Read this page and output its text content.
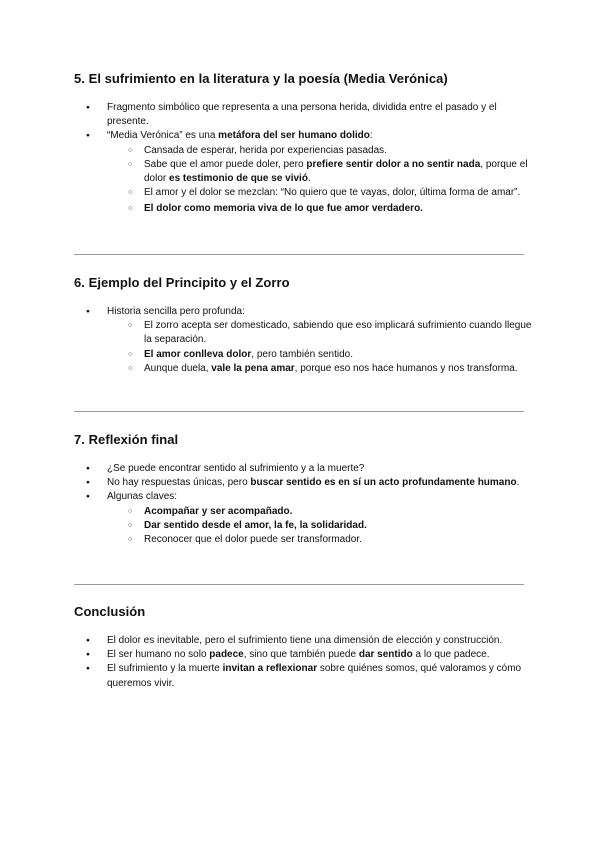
5. El sufrimiento en la literatura y la poesía (Media Verónica)
● Fragmento simbólico que representa a una persona herida, dividida entre el pasado y el presente.
● “Media Verónica” es una metáfora del ser humano dolido:
○ Cansada de esperar, herida por experiencias pasadas.
○ Sabe que el amor puede doler, pero prefiere sentir dolor a no sentir nada, porque el dolor es testimonio de que se vivió.
○ El amor y el dolor se mezclan: “No quiero que te vayas, dolor, última forma de amar”.
○ El dolor como memoria viva de lo que fue amor verdadero.
6. Ejemplo del Principito y el Zorro
● Historia sencilla pero profunda:
○ El zorro acepta ser domesticado, sabiendo que eso implicará sufrimiento cuando llegue la separación.
○ El amor conlleva dolor, pero también sentido.
○ Aunque duela, vale la pena amar, porque eso nos hace humanos y nos transforma.
7. Reflexión final
● ¿Se puede encontrar sentido al sufrimiento y a la muerte?
● No hay respuestas únicas, pero buscar sentido es en sí un acto profundamente humano.
● Algunas claves:
○ Acompañar y ser acompañado.
○ Dar sentido desde el amor, la fe, la solidaridad.
○ Reconocer que el dolor puede ser transformador.
Conclusión
● El dolor es inevitable, pero el sufrimiento tiene una dimensión de elección y construcción.
● El ser humano no solo padece, sino que también puede dar sentido a lo que padece.
● El sufrimiento y la muerte invitan a reflexionar sobre quiénes somos, qué valoramos y cómo queremos vivir.
